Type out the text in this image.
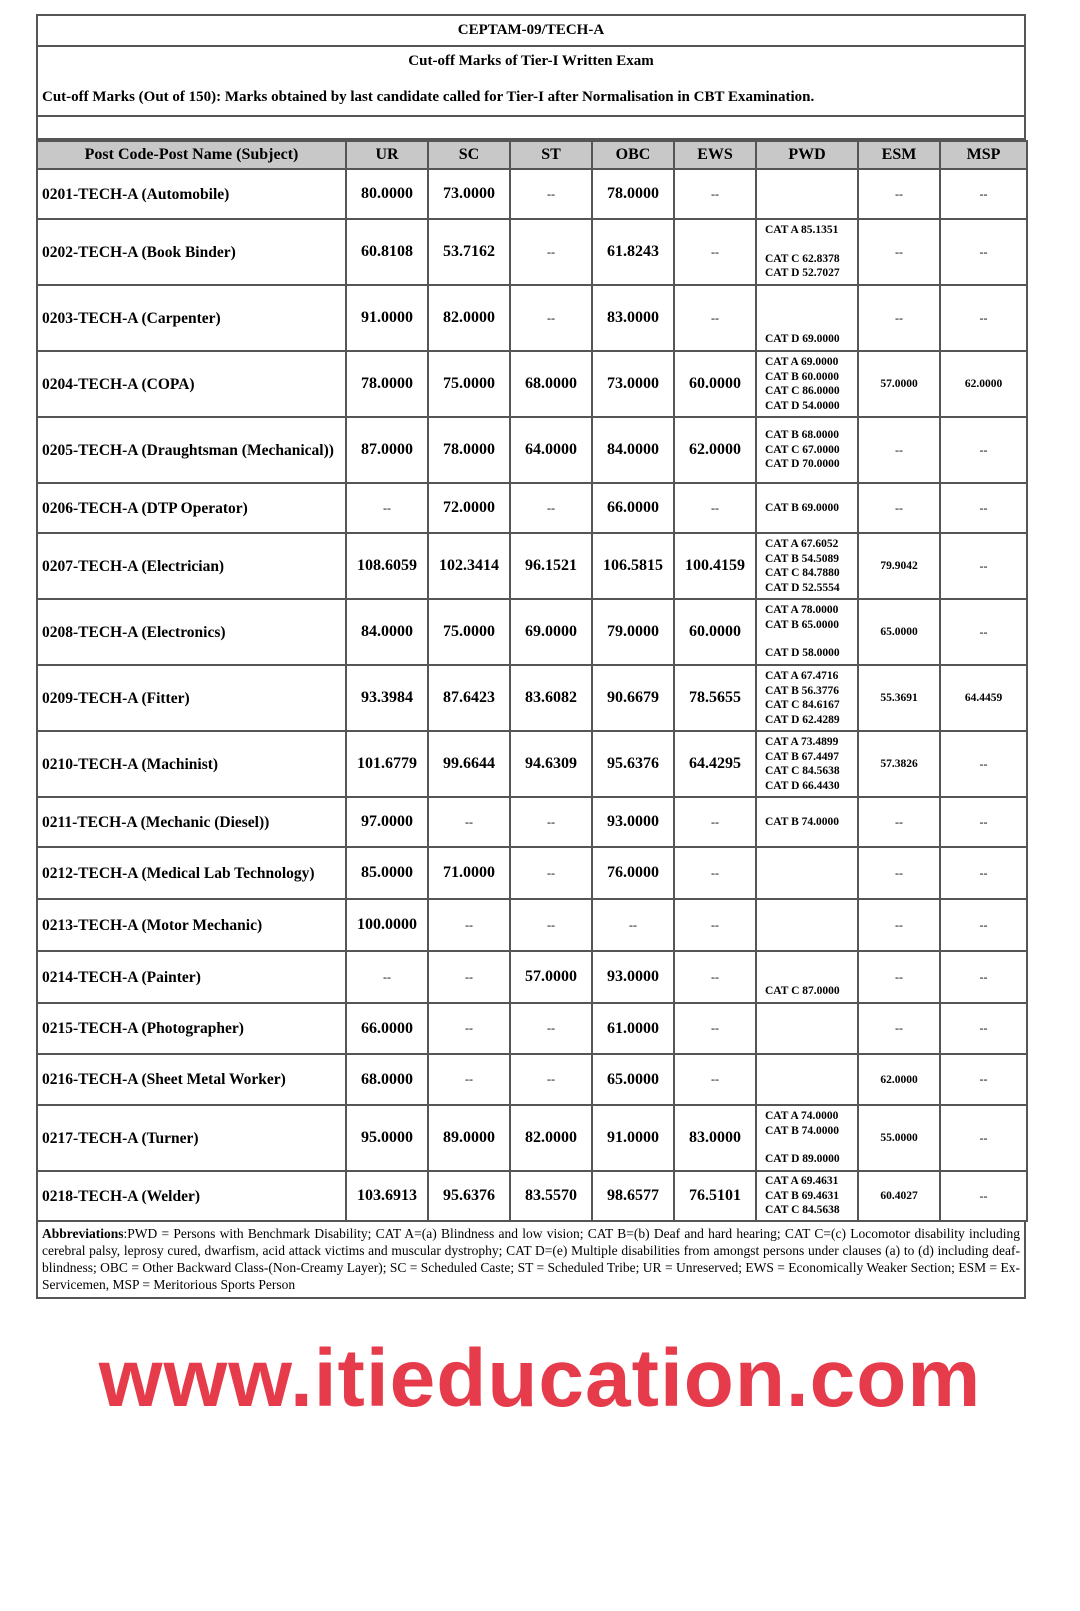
CEPTAM-09/TECH-A
Cut-off Marks of Tier-I Written Exam
Cut-off Marks (Out of 150): Marks obtained by last candidate called for Tier-I after Normalisation in CBT Examination.
Post Code-Post Name (Subject)	UR	SC	ST	OBC	EWS	PWD	ESM	MSP
0201-TECH-A (Automobile)	80.0000	73.0000	--	78.0000	--		--	--
0202-TECH-A (Book Binder)	60.8108	53.7162	--	61.8243	--	CAT A 85.1351
CAT C 62.8378
CAT D 52.7027	--	--
0203-TECH-A (Carpenter)	91.0000	82.0000	--	83.0000	--	CAT D 69.0000	--	--
0204-TECH-A (COPA)	78.0000	75.0000	68.0000	73.0000	60.0000	CAT A 69.0000
CAT B 60.0000
CAT C 86.0000
CAT D 54.0000	57.0000	62.0000
0205-TECH-A (Draughtsman (Mechanical))	87.0000	78.0000	64.0000	84.0000	62.0000	CAT B 68.0000
CAT C 67.0000
CAT D 70.0000	--	--
0206-TECH-A (DTP Operator)	--	72.0000	--	66.0000	--	CAT B 69.0000	--	--
0207-TECH-A (Electrician)	108.6059	102.3414	96.1521	106.5815	100.4159	CAT A 67.6052
CAT B 54.5089
CAT C 84.7880
CAT D 52.5554	79.9042	--
0208-TECH-A (Electronics)	84.0000	75.0000	69.0000	79.0000	60.0000	CAT A 78.0000
CAT B 65.0000
CAT D 58.0000	65.0000	--
0209-TECH-A (Fitter)	93.3984	87.6423	83.6082	90.6679	78.5655	CAT A 67.4716
CAT B 56.3776
CAT C 84.6167
CAT D 62.4289	55.3691	64.4459
0210-TECH-A (Machinist)	101.6779	99.6644	94.6309	95.6376	64.4295	CAT A 73.4899
CAT B 67.4497
CAT C 84.5638
CAT D 66.4430	57.3826	--
0211-TECH-A (Mechanic (Diesel))	97.0000	--	--	93.0000	--	CAT B 74.0000	--	--
0212-TECH-A (Medical Lab Technology)	85.0000	71.0000	--	76.0000	--		--	--
0213-TECH-A (Motor Mechanic)	100.0000	--	--	--	--		--	--
0214-TECH-A (Painter)	--	--	57.0000	93.0000	--	CAT C 87.0000	--	--
0215-TECH-A (Photographer)	66.0000	--	--	61.0000	--		--	--
0216-TECH-A (Sheet Metal Worker)	68.0000	--	--	65.0000	--		62.0000	--
0217-TECH-A (Turner)	95.0000	89.0000	82.0000	91.0000	83.0000	CAT A 74.0000
CAT B 74.0000
CAT D 89.0000	55.0000	--
0218-TECH-A (Welder)	103.6913	95.6376	83.5570	98.6577	76.5101	CAT A 69.4631
CAT B 69.4631
CAT C 84.5638	60.4027	--
Abbreviations:PWD = Persons with Benchmark Disability; CAT A=(a) Blindness and low vision; CAT B=(b) Deaf and hard hearing; CAT C=(c) Locomotor disability including cerebral palsy, leprosy cured, dwarfism, acid attack victims and muscular dystrophy; CAT D=(e) Multiple disabilities from amongst persons under clauses (a) to (d) including deaf-blindness; OBC = Other Backward Class-(Non-Creamy Layer); SC = Scheduled Caste; ST = Scheduled Tribe; UR = Unreserved; EWS = Economically Weaker Section; ESM = Ex-Servicemen, MSP = Meritorious Sports Person
www.itieducation.com
